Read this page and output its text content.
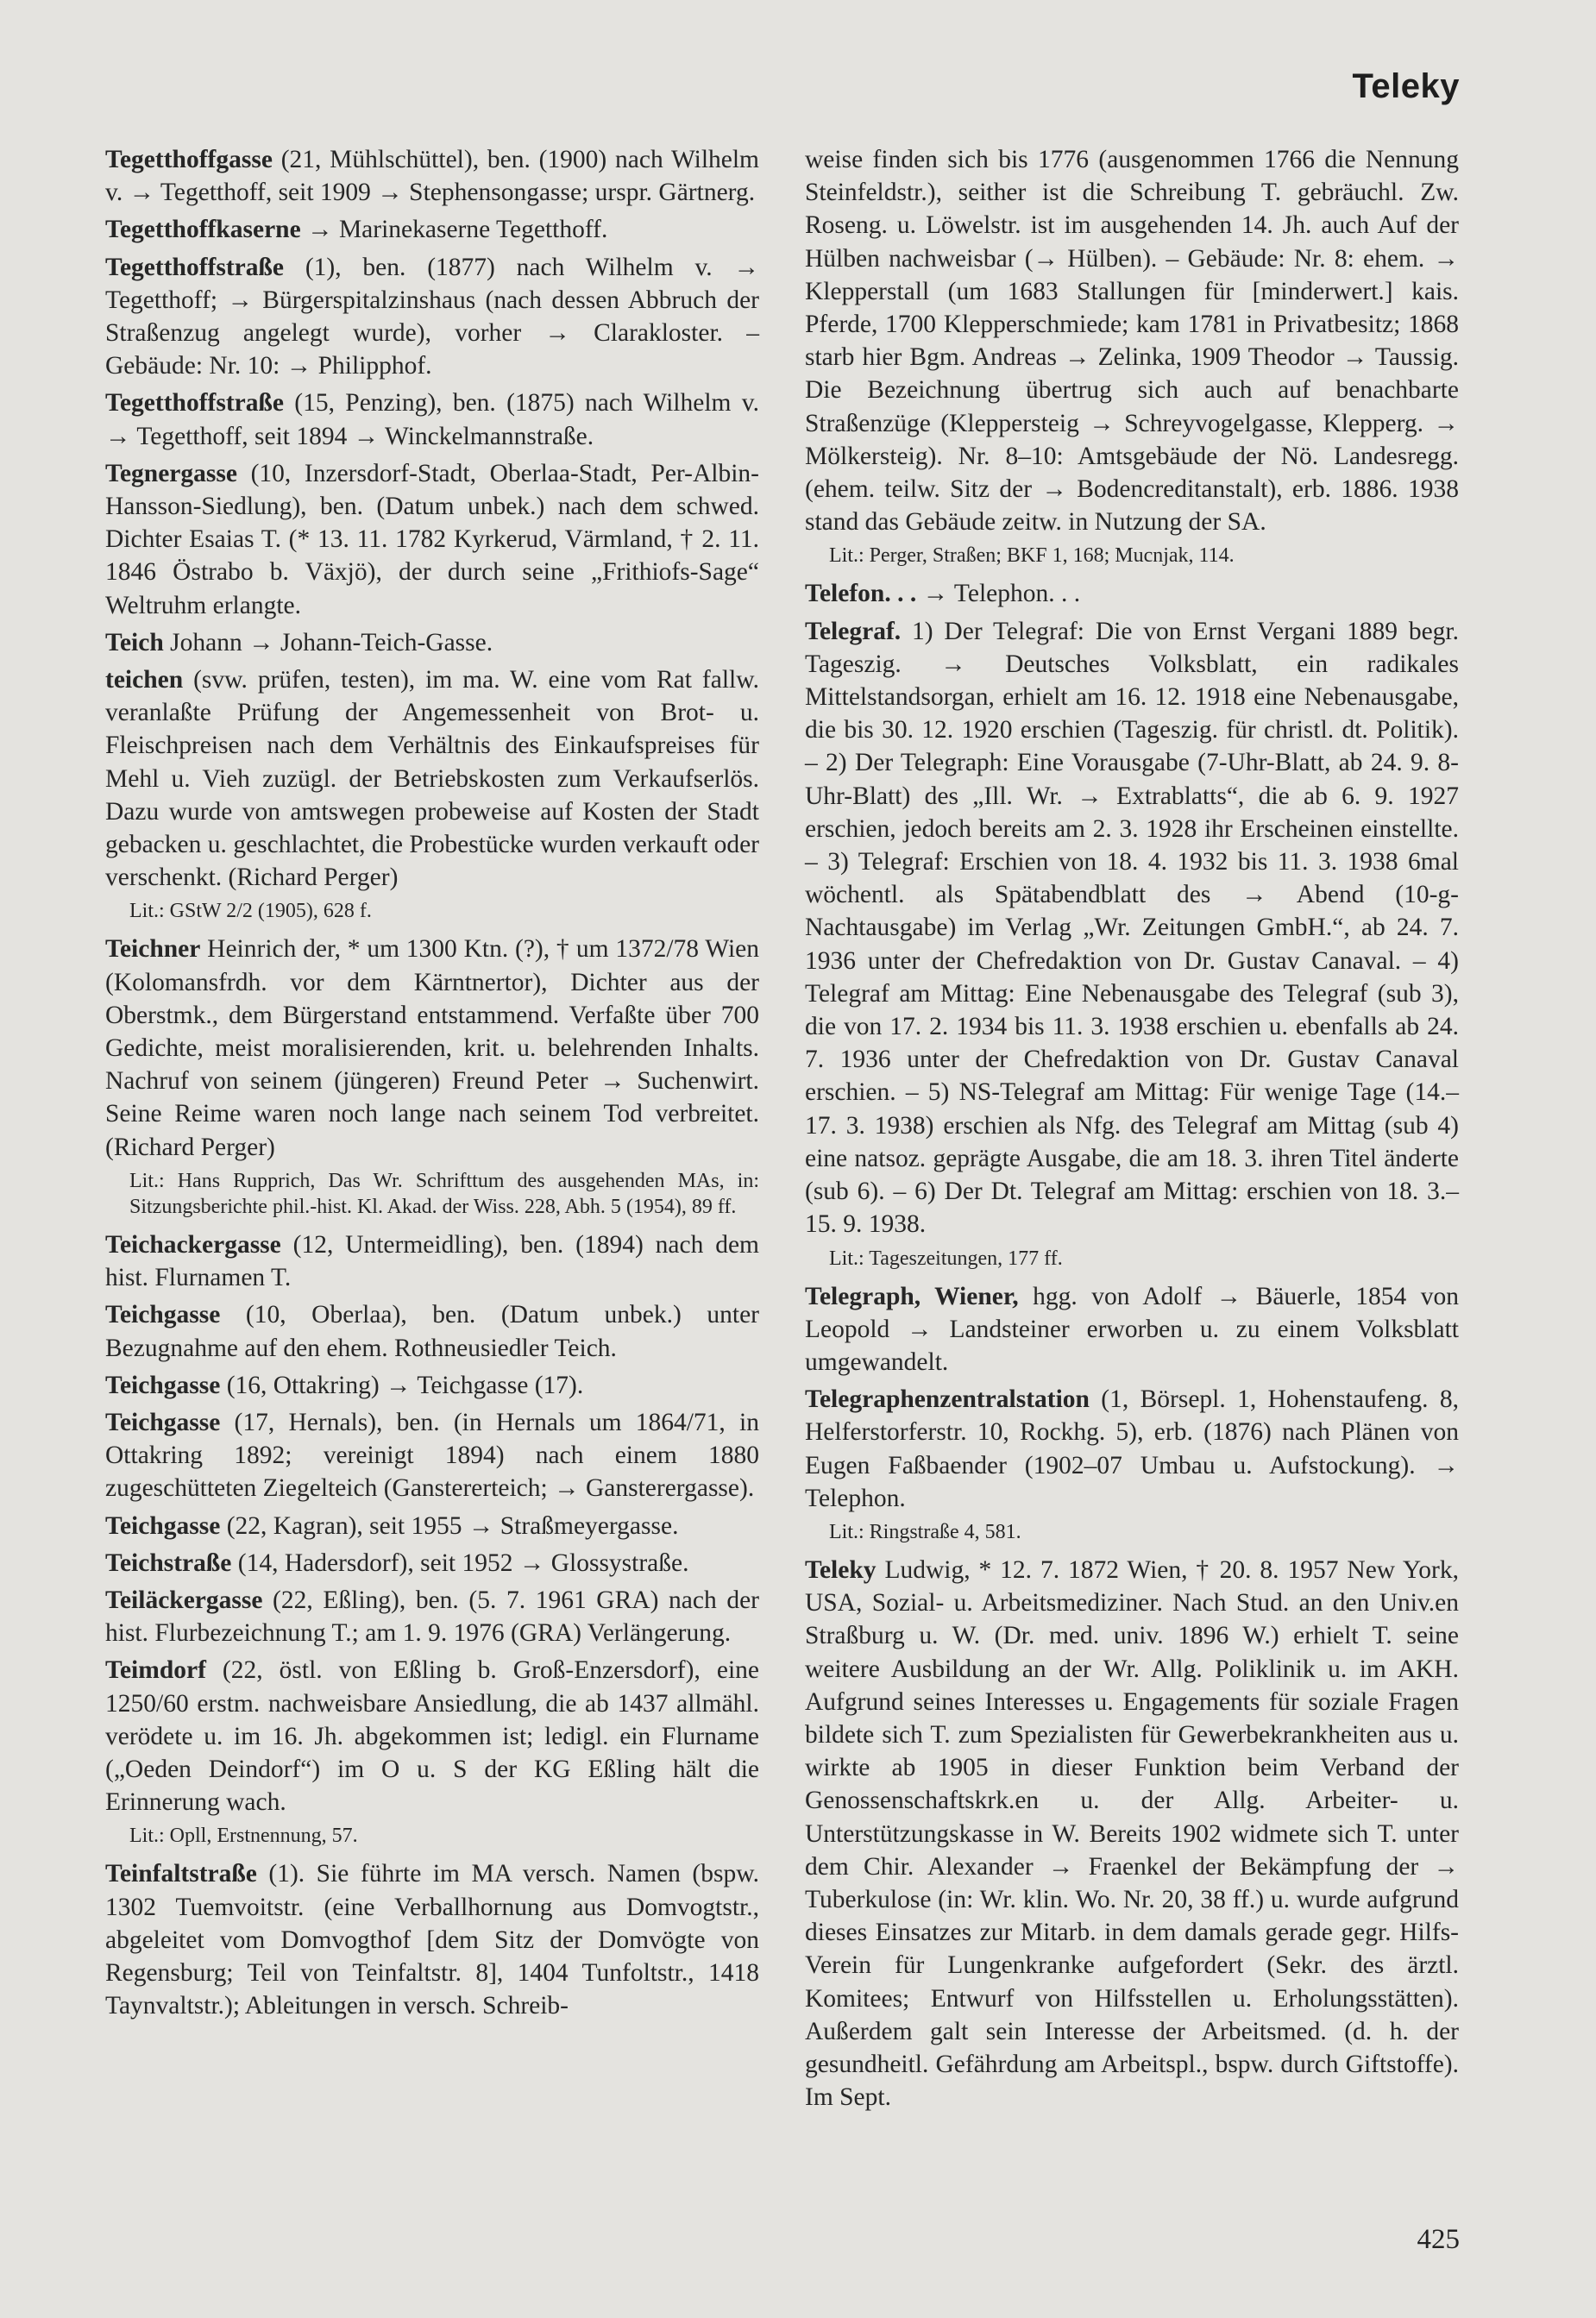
Teleky

Tegetthoffgasse (21, Mühlschüttel), ben. (1900) nach Wilhelm v. → Tegetthoff, seit 1909 → Stephensongasse; urspr. Gärtnerg.

Tegetthoffkaserne → Marinekaserne Tegetthoff.

Tegetthoffstraße (1), ben. (1877) nach Wilhelm v. → Tegetthoff; → Bürgerspitalzinshaus (nach dessen Abbruch der Straßenzug angelegt wurde), vorher → Clarakloster. – Gebäude: Nr. 10: → Philipphof.

Tegetthoffstraße (15, Penzing), ben. (1875) nach Wilhelm v. → Tegetthoff, seit 1894 → Winckelmannstraße.

Tegnergasse (10, Inzersdorf-Stadt, Oberlaa-Stadt, Per-Albin-Hansson-Siedlung), ben. (Datum unbek.) nach dem schwed. Dichter Esaias T. (* 13. 11. 1782 Kyrkerud, Värmland, † 2. 11. 1846 Östrabo b. Växjö), der durch seine „Frithiofs-Sage“ Weltruhm erlangte.

Teich Johann → Johann-Teich-Gasse.

teichen (svw. prüfen, testen), im ma. W. eine vom Rat fallw. veranlaßte Prüfung der Angemessenheit von Brot- u. Fleischpreisen nach dem Verhältnis des Einkaufspreises für Mehl u. Vieh zuzügl. der Betriebskosten zum Verkaufserlös. Dazu wurde von amtswegen probeweise auf Kosten der Stadt gebacken u. geschlachtet, die Probestücke wurden verkauft oder verschenkt. (Richard Perger)

Lit.: GStW 2/2 (1905), 628 f.

Teichner Heinrich der, * um 1300 Ktn. (?), † um 1372/78 Wien (Kolomansfrdh. vor dem Kärntnertor), Dichter aus der Oberstmk., dem Bürgerstand entstammend. Verfaßte über 700 Gedichte, meist moralisierenden, krit. u. belehrenden Inhalts. Nachruf von seinem (jüngeren) Freund Peter → Suchenwirt. Seine Reime waren noch lange nach seinem Tod verbreitet. (Richard Perger)

Lit.: Hans Rupprich, Das Wr. Schrifttum des ausgehenden MAs, in: Sitzungsberichte phil.-hist. Kl. Akad. der Wiss. 228, Abh. 5 (1954), 89 ff.

Teichackergasse (12, Untermeidling), ben. (1894) nach dem hist. Flurnamen T.

Teichgasse (10, Oberlaa), ben. (Datum unbek.) unter Bezugnahme auf den ehem. Rothneusiedler Teich.

Teichgasse (16, Ottakring) → Teichgasse (17).

Teichgasse (17, Hernals), ben. (in Hernals um 1864/71, in Ottakring 1892; vereinigt 1894) nach einem 1880 zugeschütteten Ziegelteich (Ganstererteich; → Gansterergasse).

Teichgasse (22, Kagran), seit 1955 → Straßmeyergasse.

Teichstraße (14, Hadersdorf), seit 1952 → Glossystraße.

Teiläckergasse (22, Eßling), ben. (5. 7. 1961 GRA) nach der hist. Flurbezeichnung T.; am 1. 9. 1976 (GRA) Verlängerung.

Teimdorf (22, östl. von Eßling b. Groß-Enzersdorf), eine 1250/60 erstm. nachweisbare Ansiedlung, die ab 1437 allmähl. verödete u. im 16. Jh. abgekommen ist; ledigl. ein Flurname („Oeden Deindorf“) im O u. S der KG Eßling hält die Erinnerung wach.

Lit.: Opll, Erstnennung, 57.

Teinfaltstraße (1). Sie führte im MA versch. Namen (bspw. 1302 Tuemvoitstr. (eine Verballhornung aus Domvogtstr., abgeleitet vom Domvogthof [dem Sitz der Domvögte von Regensburg; Teil von Teinfaltstr. 8], 1404 Tunfoltstr., 1418 Taynvaltstr.); Ableitungen in versch. Schreib-

weise finden sich bis 1776 (ausgenommen 1766 die Nennung Steinfeldstr.), seither ist die Schreibung T. gebräuchl. Zw. Roseng. u. Löwelstr. ist im ausgehenden 14. Jh. auch Auf der Hülben nachweisbar (→ Hülben). – Gebäude: Nr. 8: ehem. → Klepperstall (um 1683 Stallungen für [minderwert.] kais. Pferde, 1700 Klepperschmiede; kam 1781 in Privatbesitz; 1868 starb hier Bgm. Andreas → Zelinka, 1909 Theodor → Taussig. Die Bezeichnung übertrug sich auch auf benachbarte Straßenzüge (Kleppersteig → Schreyvogelgasse, Klepperg. → Mölkersteig). Nr. 8–10: Amtsgebäude der Nö. Landesregg. (ehem. teilw. Sitz der → Bodencreditanstalt), erb. 1886. 1938 stand das Gebäude zeitw. in Nutzung der SA.

Lit.: Perger, Straßen; BKF 1, 168; Mucnjak, 114.

Telefon. . . → Telephon. . .

Telegraf. 1) Der Telegraf: Die von Ernst Vergani 1889 begr. Tageszig. → Deutsches Volksblatt, ein radikales Mittelstandsorgan, erhielt am 16. 12. 1918 eine Nebenausgabe, die bis 30. 12. 1920 erschien (Tageszig. für christl. dt. Politik). – 2) Der Telegraph: Eine Vorausgabe (7-Uhr-Blatt, ab 24. 9. 8-Uhr-Blatt) des „Ill. Wr. → Extrablatts“, die ab 6. 9. 1927 erschien, jedoch bereits am 2. 3. 1928 ihr Erscheinen einstellte. – 3) Telegraf: Erschien von 18. 4. 1932 bis 11. 3. 1938 6mal wöchentl. als Spätabendblatt des → Abend (10-g-Nachtausgabe) im Verlag „Wr. Zeitungen GmbH.“, ab 24. 7. 1936 unter der Chefredaktion von Dr. Gustav Canaval. – 4) Telegraf am Mittag: Eine Nebenausgabe des Telegraf (sub 3), die von 17. 2. 1934 bis 11. 3. 1938 erschien u. ebenfalls ab 24. 7. 1936 unter der Chefredaktion von Dr. Gustav Canaval erschien. – 5) NS-Telegraf am Mittag: Für wenige Tage (14.–17. 3. 1938) erschien als Nfg. des Telegraf am Mittag (sub 4) eine natsoz. geprägte Ausgabe, die am 18. 3. ihren Titel änderte (sub 6). – 6) Der Dt. Telegraf am Mittag: erschien von 18. 3.–15. 9. 1938.

Lit.: Tageszeitungen, 177 ff.

Telegraph, Wiener, hgg. von Adolf → Bäuerle, 1854 von Leopold → Landsteiner erworben u. zu einem Volksblatt umgewandelt.

Telegraphenzentralstation (1, Börsepl. 1, Hohenstaufeng. 8, Helferstorferstr. 10, Rockhg. 5), erb. (1876) nach Plänen von Eugen Faßbaender (1902–07 Umbau u. Aufstockung). → Telephon.

Lit.: Ringstraße 4, 581.

Teleky Ludwig, * 12. 7. 1872 Wien, † 20. 8. 1957 New York, USA, Sozial- u. Arbeitsmediziner. Nach Stud. an den Univ.en Straßburg u. W. (Dr. med. univ. 1896 W.) erhielt T. seine weitere Ausbildung an der Wr. Allg. Poliklinik u. im AKH. Aufgrund seines Interesses u. Engagements für soziale Fragen bildete sich T. zum Spezialisten für Gewerbekrankheiten aus u. wirkte ab 1905 in dieser Funktion beim Verband der Genossenschaftskrk.en u. der Allg. Arbeiter- u. Unterstützungskasse in W. Bereits 1902 widmete sich T. unter dem Chir. Alexander → Fraenkel der Bekämpfung der → Tuberkulose (in: Wr. klin. Wo. Nr. 20, 38 ff.) u. wurde aufgrund dieses Einsatzes zur Mitarb. in dem damals gerade gegr. Hilfs-Verein für Lungenkranke aufgefordert (Sekr. des ärztl. Komitees; Entwurf von Hilfsstellen u. Erholungsstätten). Außerdem galt sein Interesse der Arbeitsmed. (d. h. der gesundheitl. Gefährdung am Arbeitspl., bspw. durch Giftstoffe). Im Sept.

425
